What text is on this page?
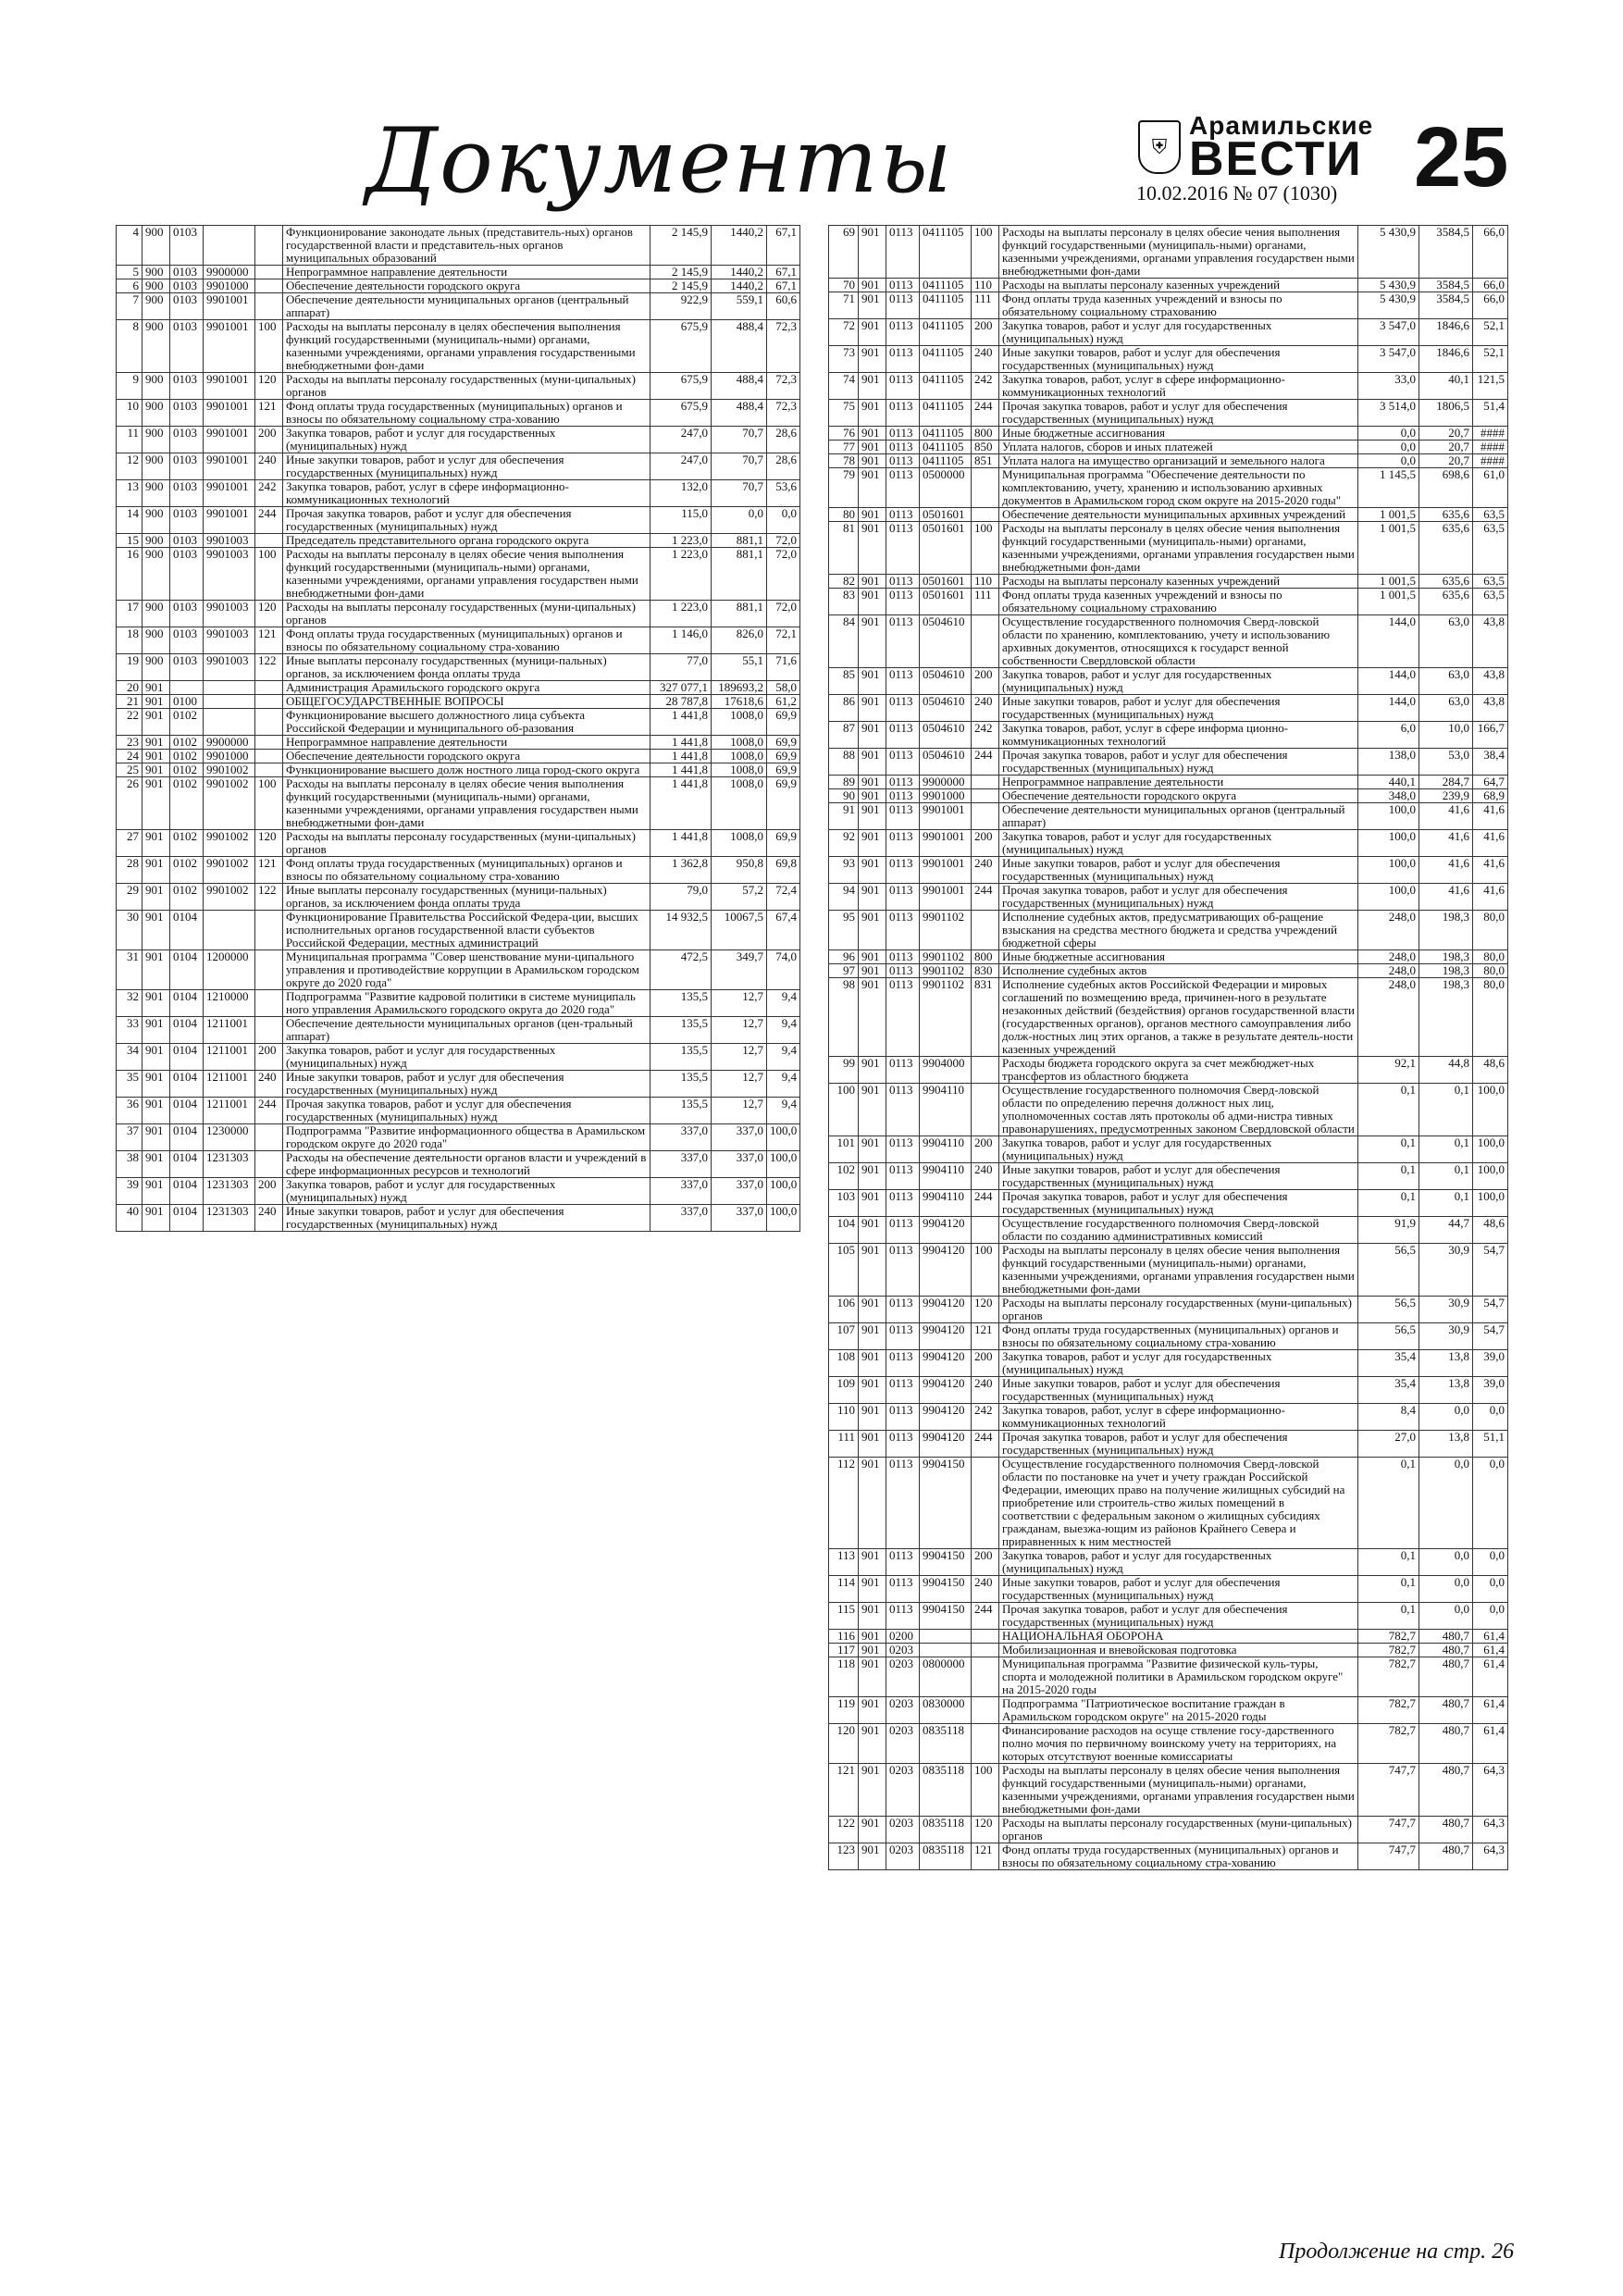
Документы	⛨
Арамильские
ВЕСТИ
10.02.2016 № 07 (1030) 25
4	900	0103			Функционирование законодате льных (представитель-ных) органов государственной власти и представитель-ных органов муниципальных образований	2 145,9	1440,2	67,1
5	900	0103	9900000		Непрограммное направление деятельности	2 145,9	1440,2	67,1
6	900	0103	9901000		Обеспечение деятельности городского округа	2 145,9	1440,2	67,1
7	900	0103	9901001		Обеспечение деятельности муниципальных органов (центральный аппарат)	922,9	559,1	60,6
8	900	0103	9901001	100	Расходы на выплаты персоналу в целях обеспечения выполнения функций государственными (муниципаль-ными) органами, казенными учреждениями, органами управления государственными внебюджетными фон-дами	675,9	488,4	72,3
9	900	0103	9901001	120	Расходы на выплаты персоналу государственных (муни-ципальных) органов	675,9	488,4	72,3
10	900	0103	9901001	121	Фонд оплаты труда государственных (муниципальных) органов и взносы по обязательному социальному стра-хованию	675,9	488,4	72,3
11	900	0103	9901001	200	Закупка товаров, работ и услуг для государственных (муниципальных) нужд	247,0	70,7	28,6
12	900	0103	9901001	240	Иные закупки товаров, работ и услуг для обеспечения государственных (муниципальных) нужд	247,0	70,7	28,6
13	900	0103	9901001	242	Закупка товаров, работ, услуг в сфере информационно-коммуникационных технологий	132,0	70,7	53,6
14	900	0103	9901001	244	Прочая закупка товаров, работ и услуг для обеспечения государственных (муниципальных) нужд	115,0	0,0	0,0
15	900	0103	9901003		Председатель представительного органа городского округа	1 223,0	881,1	72,0
16	900	0103	9901003	100	Расходы на выплаты персоналу в целях обесие чения выполнения функций государственными (муниципаль-ными) органами, казенными учреждениями, органами управления государствен ными внебюджетными фон-дами	1 223,0	881,1	72,0
17	900	0103	9901003	120	Расходы на выплаты персоналу государственных (муни-ципальных) органов	1 223,0	881,1	72,0
18	900	0103	9901003	121	Фонд оплаты труда государственных (муниципальных) органов и взносы по обязательному социальному стра-хованию	1 146,0	826,0	72,1
19	900	0103	9901003	122	Иные выплаты персоналу государственных (муници-пальных) органов, за исключением фонда оплаты труда	77,0	55,1	71,6
20	901				Администрация Арамильского городского округа	327 077,1	189693,2	58,0
21	901	0100			ОБЩЕГОСУДАРСТВЕННЫЕ ВОПРОСЫ	28 787,8	17618,6	61,2
22	901	0102			Функционирование высшего должностного лица субъекта Российской Федерации и муниципального об-разования	1 441,8	1008,0	69,9
23	901	0102	9900000		Непрограммное направление деятельности	1 441,8	1008,0	69,9
24	901	0102	9901000		Обеспечение деятельности городского округа	1 441,8	1008,0	69,9
25	901	0102	9901002		Функционирование высшего долж ностного лица город-ского округа	1 441,8	1008,0	69,9
26	901	0102	9901002	100	Расходы на выплаты персоналу в целях обесие чения выполнения функций государственными (муниципаль-ными) органами, казенными учреждениями, органами управления государствен ными внебюджетными фон-дами	1 441,8	1008,0	69,9
27	901	0102	9901002	120	Расходы на выплаты персоналу государственных (муни-ципальных) органов	1 441,8	1008,0	69,9
28	901	0102	9901002	121	Фонд оплаты труда государственных (муниципальных) органов и взносы по обязательному социальному стра-хованию	1 362,8	950,8	69,8
29	901	0102	9901002	122	Иные выплаты персоналу государственных (муници-пальных) органов, за исключением фонда оплаты труда	79,0	57,2	72,4
30	901	0104			Функционирование Правительства Российской Федера-ции, высших исполнительных органов государственной власти субъектов Российской Федерации, местных администраций	14 932,5	10067,5	67,4
31	901	0104	1200000		Муниципальная программа "Совер шенствование муни-ципального управления и противодействие коррупции в Арамильском городском округе до 2020 года"	472,5	349,7	74,0
32	901	0104	1210000		Подпрограмма "Развитие кадровой политики в системе муниципаль ного управления Арамильского городского округа до 2020 года"	135,5	12,7	9,4
33	901	0104	1211001		Обеспечение деятельности муниципальных органов (цен-тральный аппарат)	135,5	12,7	9,4
34	901	0104	1211001	200	Закупка товаров, работ и услуг для государственных (муниципальных) нужд	135,5	12,7	9,4
35	901	0104	1211001	240	Иные закупки товаров, работ и услуг для обеспечения государственных (муниципальных) нужд	135,5	12,7	9,4
36	901	0104	1211001	244	Прочая закупка товаров, работ и услуг для обеспечения государственных (муниципальных) нужд	135,5	12,7	9,4
37	901	0104	1230000		Подпрограмма "Развитие информационного общества в Арамильском городском округе до 2020 года"	337,0	337,0	100,0
38	901	0104	1231303		Расходы на обеспечение деятельности органов власти и учреждений в сфере информационных ресурсов и технологий	337,0	337,0	100,0
39	901	0104	1231303	200	Закупка товаров, работ и услуг для государственных (муниципальных) нужд	337,0	337,0	100,0
40	901	0104	1231303	240	Иные закупки товаров, работ и услуг для обеспечения государственных (муниципальных) нужд	337,0	337,0	100,0
69	901	0113	0411105	100	Расходы на выплаты персоналу в целях обесие чения выполнения функций государственными (муниципаль-ными) органами, казенными учреждениями, органами управления государствен ными внебюджетными фон-дами	5 430,9	3584,5	66,0
70	901	0113	0411105	110	Расходы на выплаты персоналу казенных учреждений	5 430,9	3584,5	66,0
71	901	0113	0411105	111	Фонд оплаты труда казенных учреждений и взносы по обязательному социальному страхованию	5 430,9	3584,5	66,0
72	901	0113	0411105	200	Закупка товаров, работ и услуг для государственных (муниципальных) нужд	3 547,0	1846,6	52,1
73	901	0113	0411105	240	Иные закупки товаров, работ и услуг для обеспечения государственных (муниципальных) нужд	3 547,0	1846,6	52,1
74	901	0113	0411105	242	Закупка товаров, работ, услуг в сфере информационно-коммуникационных технологий	33,0	40,1	121,5
75	901	0113	0411105	244	Прочая закупка товаров, работ и услуг для обеспечения государственных (муниципальных) нужд	3 514,0	1806,5	51,4
76	901	0113	0411105	800	Иные бюджетные ассигнования	0,0	20,7	####
77	901	0113	0411105	850	Уплата налогов, сборов и иных платежей	0,0	20,7	####
78	901	0113	0411105	851	Уплата налога на имущество организаций и земельного налога	0,0	20,7	####
79	901	0113	0500000		Муниципальная программа "Обеспечение деятельности по комплектованию, учету, хранению и использованию архивных документов в Арамильском город ском округе на 2015-2020 годы"	1 145,5	698,6	61,0
80	901	0113	0501601		Обеспечение деятельности муниципальных архивных учреждений	1 001,5	635,6	63,5
81	901	0113	0501601	100	Расходы на выплаты персоналу в целях обесие чения выполнения функций государственными (муниципаль-ными) органами, казенными учреждениями, органами управления государствен ными внебюджетными фон-дами	1 001,5	635,6	63,5
82	901	0113	0501601	110	Расходы на выплаты персоналу казенных учреждений	1 001,5	635,6	63,5
83	901	0113	0501601	111	Фонд оплаты труда казенных учреждений и взносы по обязательному социальному страхованию	1 001,5	635,6	63,5
84	901	0113	0504610		Осуществление государственного полномочия Сверд-ловской области по хранению, комплектованию, учету и использованию архивных документов, относящихся к государст венной собственности Свердловской области	144,0	63,0	43,8
85	901	0113	0504610	200	Закупка товаров, работ и услуг для государственных (муниципальных) нужд	144,0	63,0	43,8
86	901	0113	0504610	240	Иные закупки товаров, работ и услуг для обеспечения государственных (муниципальных) нужд	144,0	63,0	43,8
87	901	0113	0504610	242	Закупка товаров, работ, услуг в сфере информа ционно-коммуникационных технологий	6,0	10,0	166,7
88	901	0113	0504610	244	Прочая закупка товаров, работ и услуг для обеспечения государственных (муниципальных) нужд	138,0	53,0	38,4
89	901	0113	9900000		Непрограммное направление деятельности	440,1	284,7	64,7
90	901	0113	9901000		Обеспечение деятельности городского округа	348,0	239,9	68,9
91	901	0113	9901001		Обеспечение деятельности муниципальных органов (центральный аппарат)	100,0	41,6	41,6
92	901	0113	9901001	200	Закупка товаров, работ и услуг для государственных (муниципальных) нужд	100,0	41,6	41,6
93	901	0113	9901001	240	Иные закупки товаров, работ и услуг для обеспечения государственных (муниципальных) нужд	100,0	41,6	41,6
94	901	0113	9901001	244	Прочая закупка товаров, работ и услуг для обеспечения государственных (муниципальных) нужд	100,0	41,6	41,6
95	901	0113	9901102		Исполнение судебных актов, предусматривающих об-ращение взыскания на средства местного бюджета и средства учреждений бюджетной сферы	248,0	198,3	80,0
96	901	0113	9901102	800	Иные бюджетные ассигнования	248,0	198,3	80,0
97	901	0113	9901102	830	Исполнение судебных актов	248,0	198,3	80,0
98	901	0113	9901102	831	Исполнение судебных актов Российской Федерации и мировых соглашений по возмещению вреда, причинен-ного в результате незаконных действий (бездействия) органов государственной власти (государственных органов), органов местного самоуправления либо долж-ностных лиц этих органов, а также в результате деятель-ности казенных учреждений	248,0	198,3	80,0
99	901	0113	9904000		Расходы бюджета городского округа за счет межбюджет-ных трансфертов из областного бюджета	92,1	44,8	48,6
100	901	0113	9904110		Осуществление государственного полномочия Сверд-ловской области по определению перечня должност ных лиц, уполномоченных состав лять протоколы об адми-нистра тивных правонарушениях, предусмотренных законом Свердловской области	0,1	0,1	100,0
101	901	0113	9904110	200	Закупка товаров, работ и услуг для государственных (муниципальных) нужд	0,1	0,1	100,0
102	901	0113	9904110	240	Иные закупки товаров, работ и услуг для обеспечения государственных (муниципальных) нужд	0,1	0,1	100,0
103	901	0113	9904110	244	Прочая закупка товаров, работ и услуг для обеспечения государственных (муниципальных) нужд	0,1	0,1	100,0
104	901	0113	9904120		Осуществление государственного полномочия Сверд-ловской области по созданию административных комиссий	91,9	44,7	48,6
105	901	0113	9904120	100	Расходы на выплаты персоналу в целях обесие чения выполнения функций государственными (муниципаль-ными) органами, казенными учреждениями, органами управления государствен ными внебюджетными фон-дами	56,5	30,9	54,7
106	901	0113	9904120	120	Расходы на выплаты персоналу государственных (муни-ципальных) органов	56,5	30,9	54,7
107	901	0113	9904120	121	Фонд оплаты труда государственных (муниципальных) органов и взносы по обязательному социальному стра-хованию	56,5	30,9	54,7
108	901	0113	9904120	200	Закупка товаров, работ и услуг для государственных (муниципальных) нужд	35,4	13,8	39,0
109	901	0113	9904120	240	Иные закупки товаров, работ и услуг для обеспечения государственных (муниципальных) нужд	35,4	13,8	39,0
110	901	0113	9904120	242	Закупка товаров, работ, услуг в сфере информационно-коммуникационных технологий	8,4	0,0	0,0
111	901	0113	9904120	244	Прочая закупка товаров, работ и услуг для обеспечения государственных (муниципальных) нужд	27,0	13,8	51,1
112	901	0113	9904150		Осуществление государственного полномочия Сверд-ловской области по постановке на учет и учету граждан Российской Федерации, имеющих право на получение жилищных субсидий на приобретение или строитель-ство жилых помещений в соответствии с федеральным законом о жилищных субсидиях гражданам, выезжа-ющим из районов Крайнего Севера и приравненных к ним местностей	0,1	0,0	0,0
113	901	0113	9904150	200	Закупка товаров, работ и услуг для государственных (муниципальных) нужд	0,1	0,0	0,0
114	901	0113	9904150	240	Иные закупки товаров, работ и услуг для обеспечения государственных (муниципальных) нужд	0,1	0,0	0,0
115	901	0113	9904150	244	Прочая закупка товаров, работ и услуг для обеспечения государственных (муниципальных) нужд	0,1	0,0	0,0
116	901	0200			НАЦИОНАЛЬНАЯ ОБОРОНА	782,7	480,7	61,4
117	901	0203			Мобилизационная и вневойсковая подготовка	782,7	480,7	61,4
118	901	0203	0800000		Муниципальная программа "Развитие физической куль-туры, спорта и молодежной политики в Арамильском городском округе" на 2015-2020 годы	782,7	480,7	61,4
119	901	0203	0830000		Подпрограмма "Патриотическое воспитание граждан в Арамильском городском округе" на 2015-2020 годы	782,7	480,7	61,4
120	901	0203	0835118		Финансирование расходов на осуще ствление госу-дарственного полно мочия по первичному воинскому учету на территориях, на которых отсутствуют военные комиссариаты	782,7	480,7	61,4
121	901	0203	0835118	100	Расходы на выплаты персоналу в целях обесие чения выполнения функций государственными (муниципаль-ными) органами, казенными учреждениями, органами управления государствен ными внебюджетными фон-дами	747,7	480,7	64,3
122	901	0203	0835118	120	Расходы на выплаты персоналу государственных (муни-ципальных) органов	747,7	480,7	64,3
123	901	0203	0835118	121	Фонд оплаты труда государственных (муниципальных) органов и взносы по обязательному социальному стра-хованию	747,7	480,7	64,3
Продолжение на стр. 26
